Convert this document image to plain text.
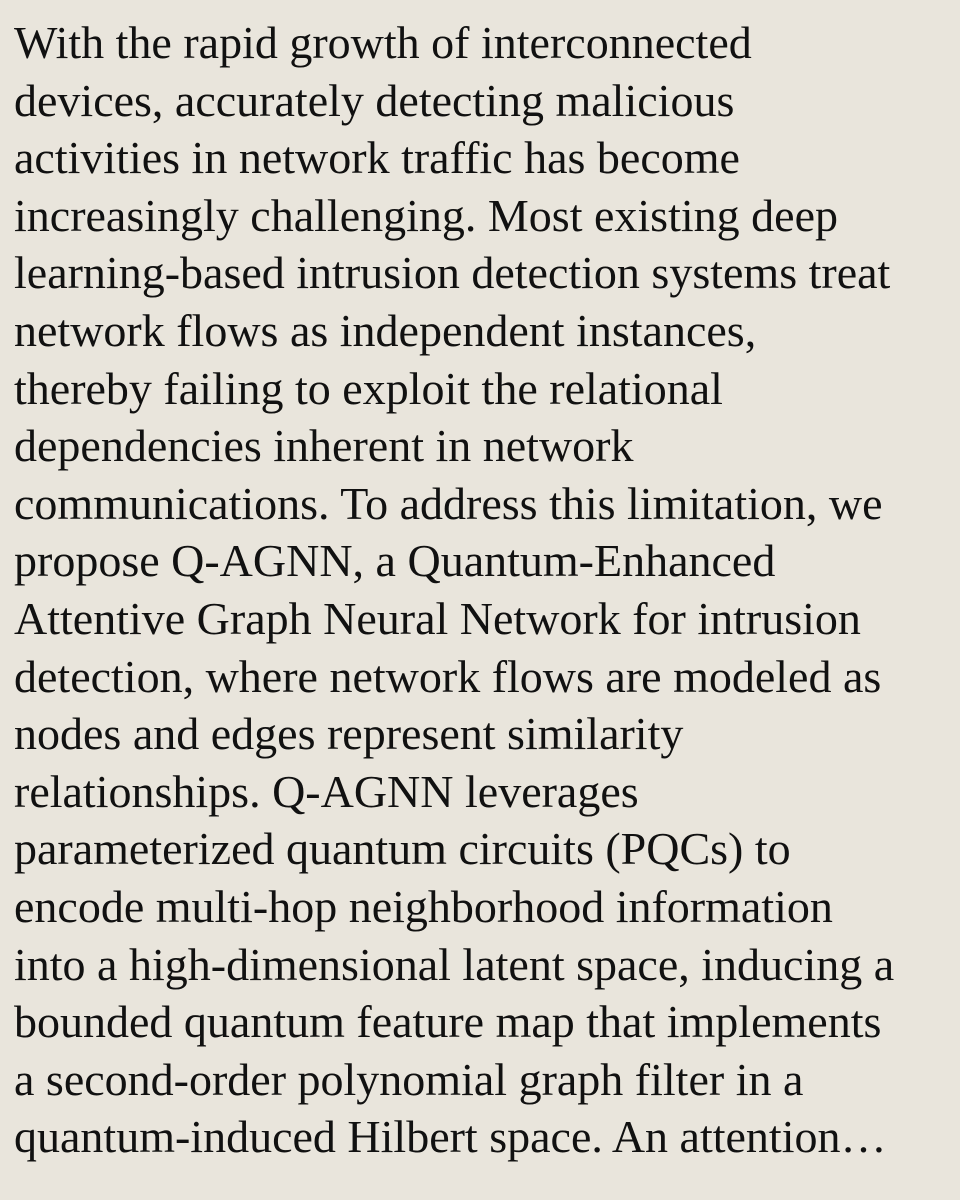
With the rapid growth of interconnected
devices, accurately detecting malicious
activities in network traffic has become
increasingly challenging. Most existing deep
learning-based intrusion detection systems treat
network flows as independent instances,
thereby failing to exploit the relational
dependencies inherent in network
communications. To address this limitation, we
propose Q-AGNN, a Quantum-Enhanced
Attentive Graph Neural Network for intrusion
detection, where network flows are modeled as
nodes and edges represent similarity
relationships. Q-AGNN leverages
parameterized quantum circuits (PQCs) to
encode multi-hop neighborhood information
into a high-dimensional latent space, inducing a
bounded quantum feature map that implements
a second-order polynomial graph filter in a
quantum-induced Hilbert space. An attention…
